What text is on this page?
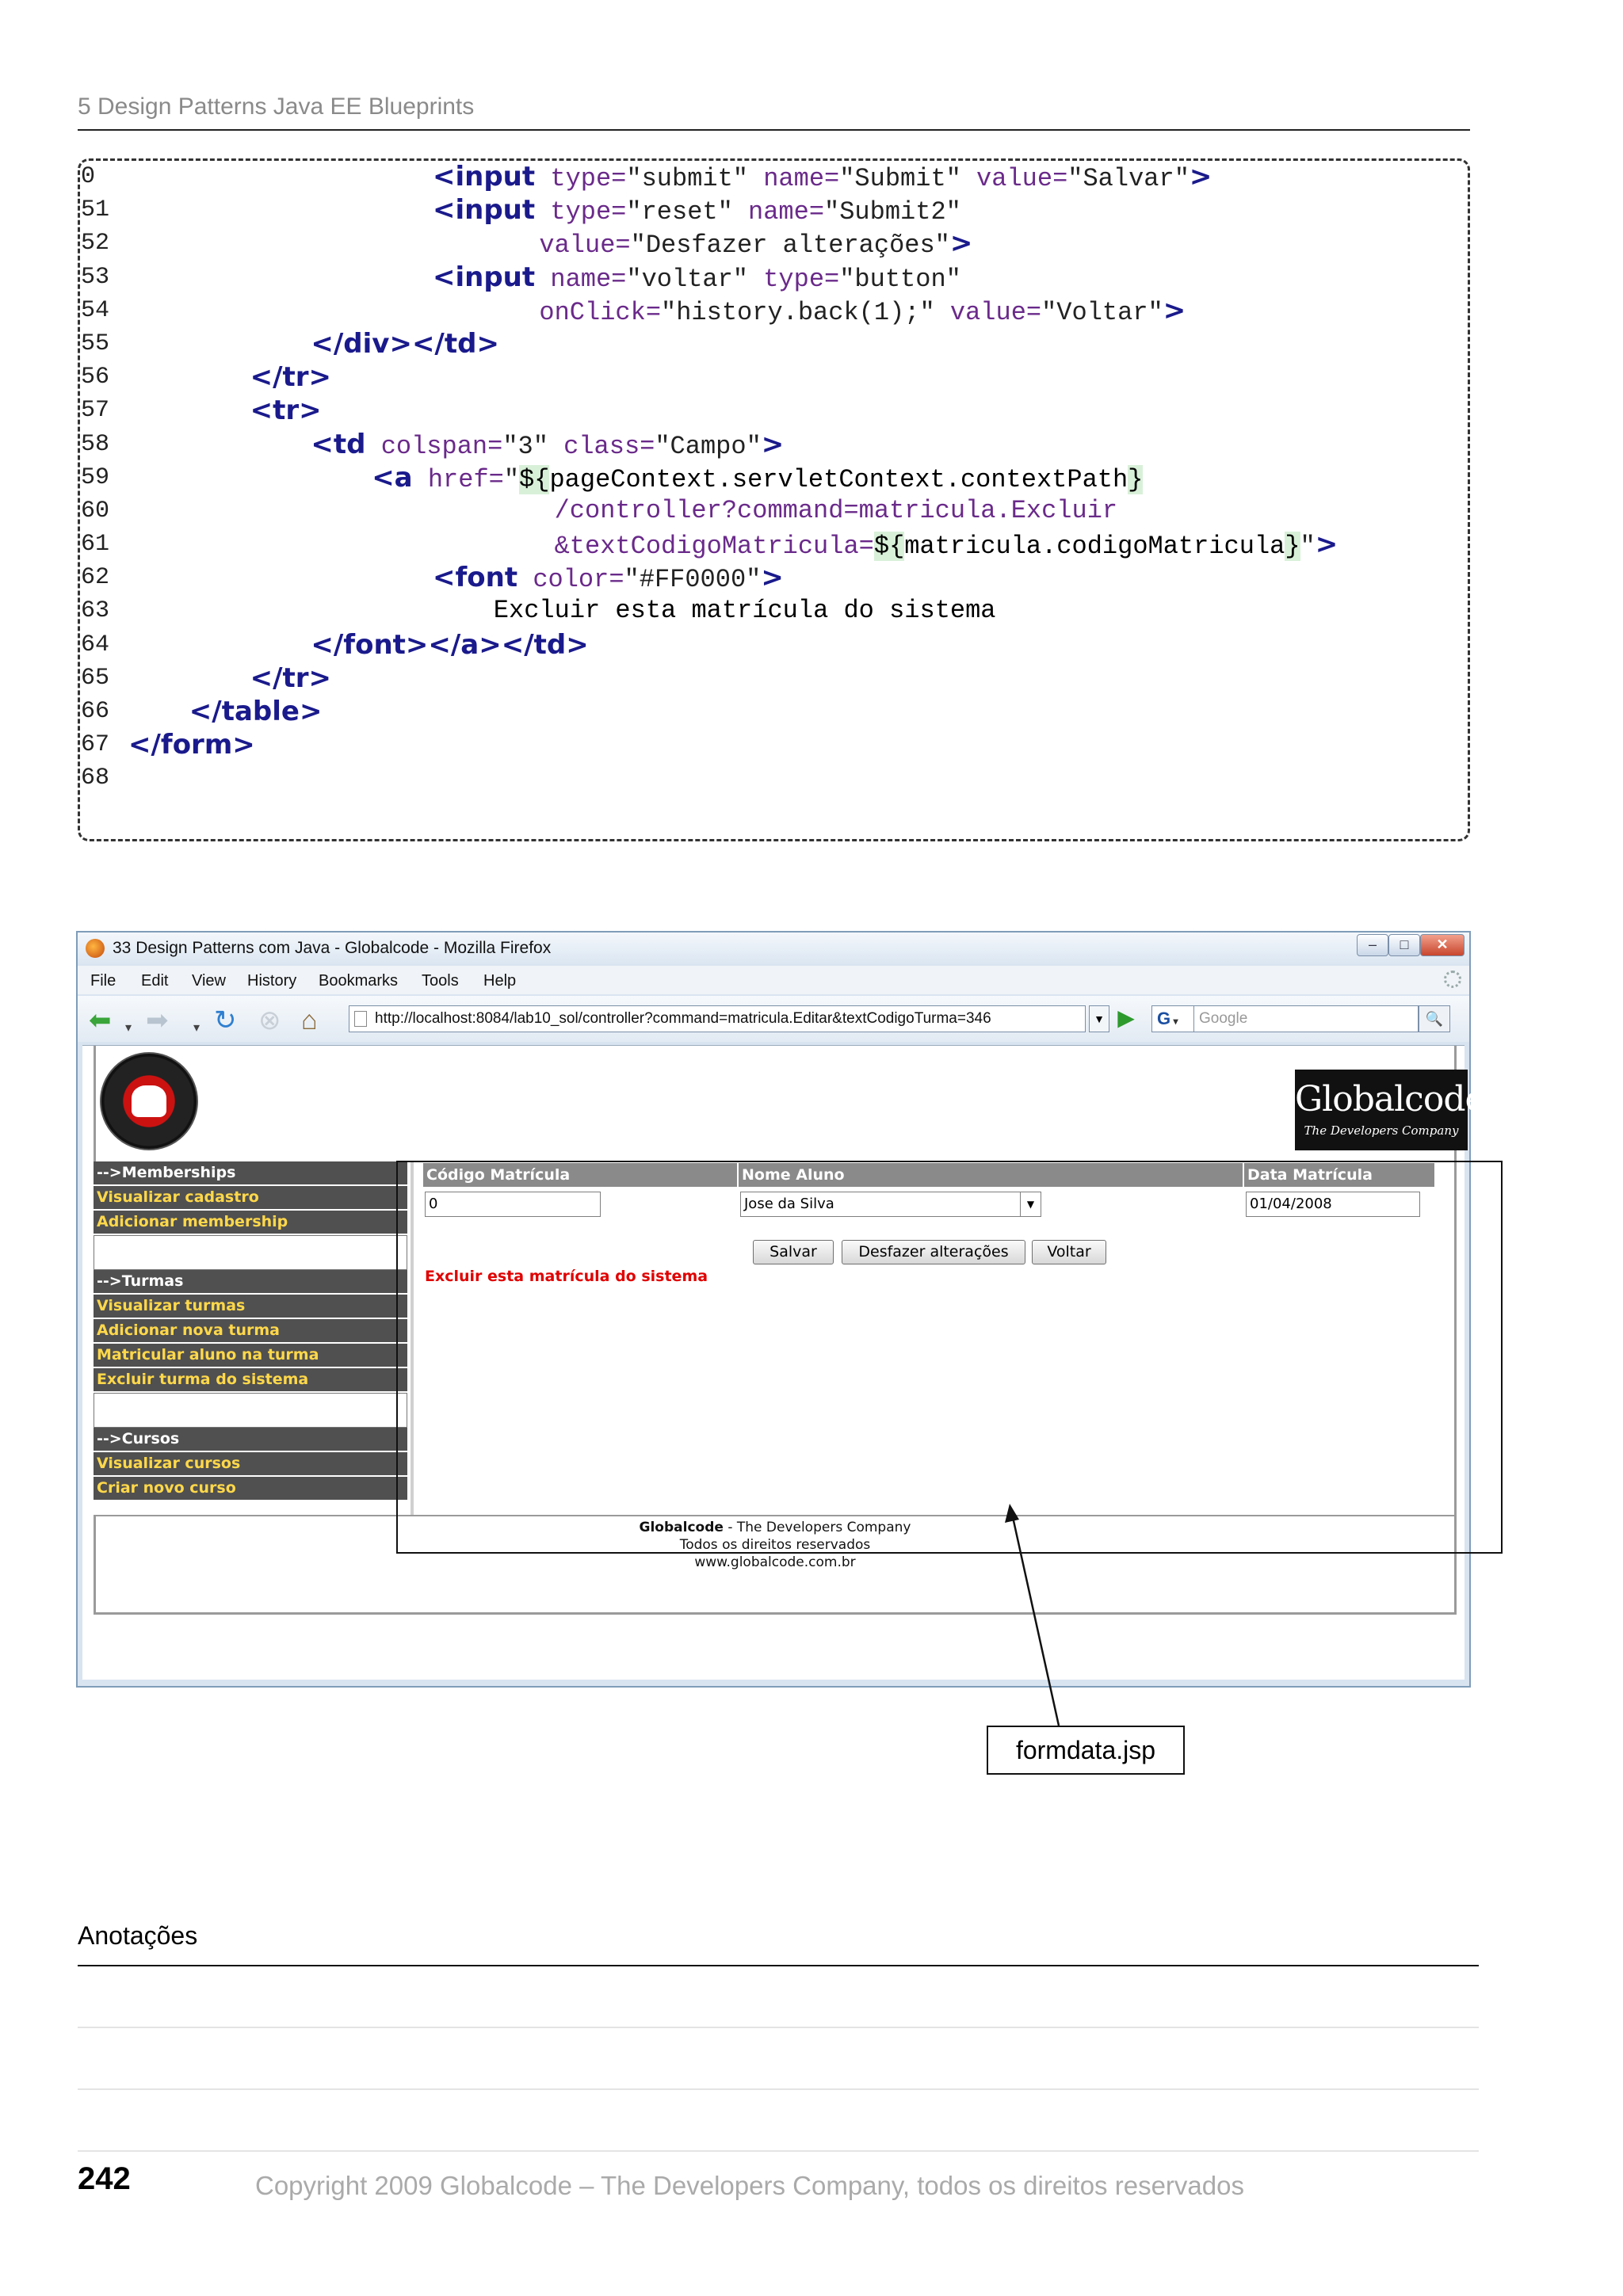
5 Design Patterns Java EE Blueprints
0	<input type="submit" name="Submit" value="Salvar">
51	<input type="reset" name="Submit2"
52	value="Desfazer alterações">
53	<input name="voltar" type="button"
54	onClick="history.back(1);" value="Voltar">
55	</div></td>
56	</tr>
57	<tr>
58	<td colspan="3" class="Campo">
59	<a href="${pageContext.servletContext.contextPath}
60	/controller?command=matricula.Excluir
61	&textCodigoMatricula=${matricula.codigoMatricula}">
62	<font color="#FF0000">
63	Excluir esta matrícula do sistema
64	</font></a></td>
65	</tr>
66	</table>
67 </form>
68
33 Design Patterns com Java - Globalcode - Mozilla Firefox	–	□	✕
File Edit View History Bookmarks Tools Help
⬅ ▾ ➡ ▾ ↻ ⊗ ⌂	http://localhost:8084/lab10_sol/controller?command=matricula.Editar&textCodigoTurma=346	▼ ▶	G ▾	Google	🔍
Globalcode
The Developers Company
-->Memberships
Visualizar cadastro
Adicionar membership
-->Turmas
Visualizar turmas
Adicionar nova turma
Matricular aluno na turma
Excluir turma do sistema
-->Cursos
Visualizar cursos
Criar novo curso
Código Matrícula	Nome Aluno	Data Matrícula
0	Jose da Silva	▼	01/04/2008
Salvar	Desfazer alterações	Voltar
Excluir esta matrícula do sistema
Globalcode - The Developers Company
Todos os direitos reservados
www.globalcode.com.br
formdata.jsp
Anotações
242	Copyright 2009 Globalcode – The Developers Company, todos os direitos reservados
